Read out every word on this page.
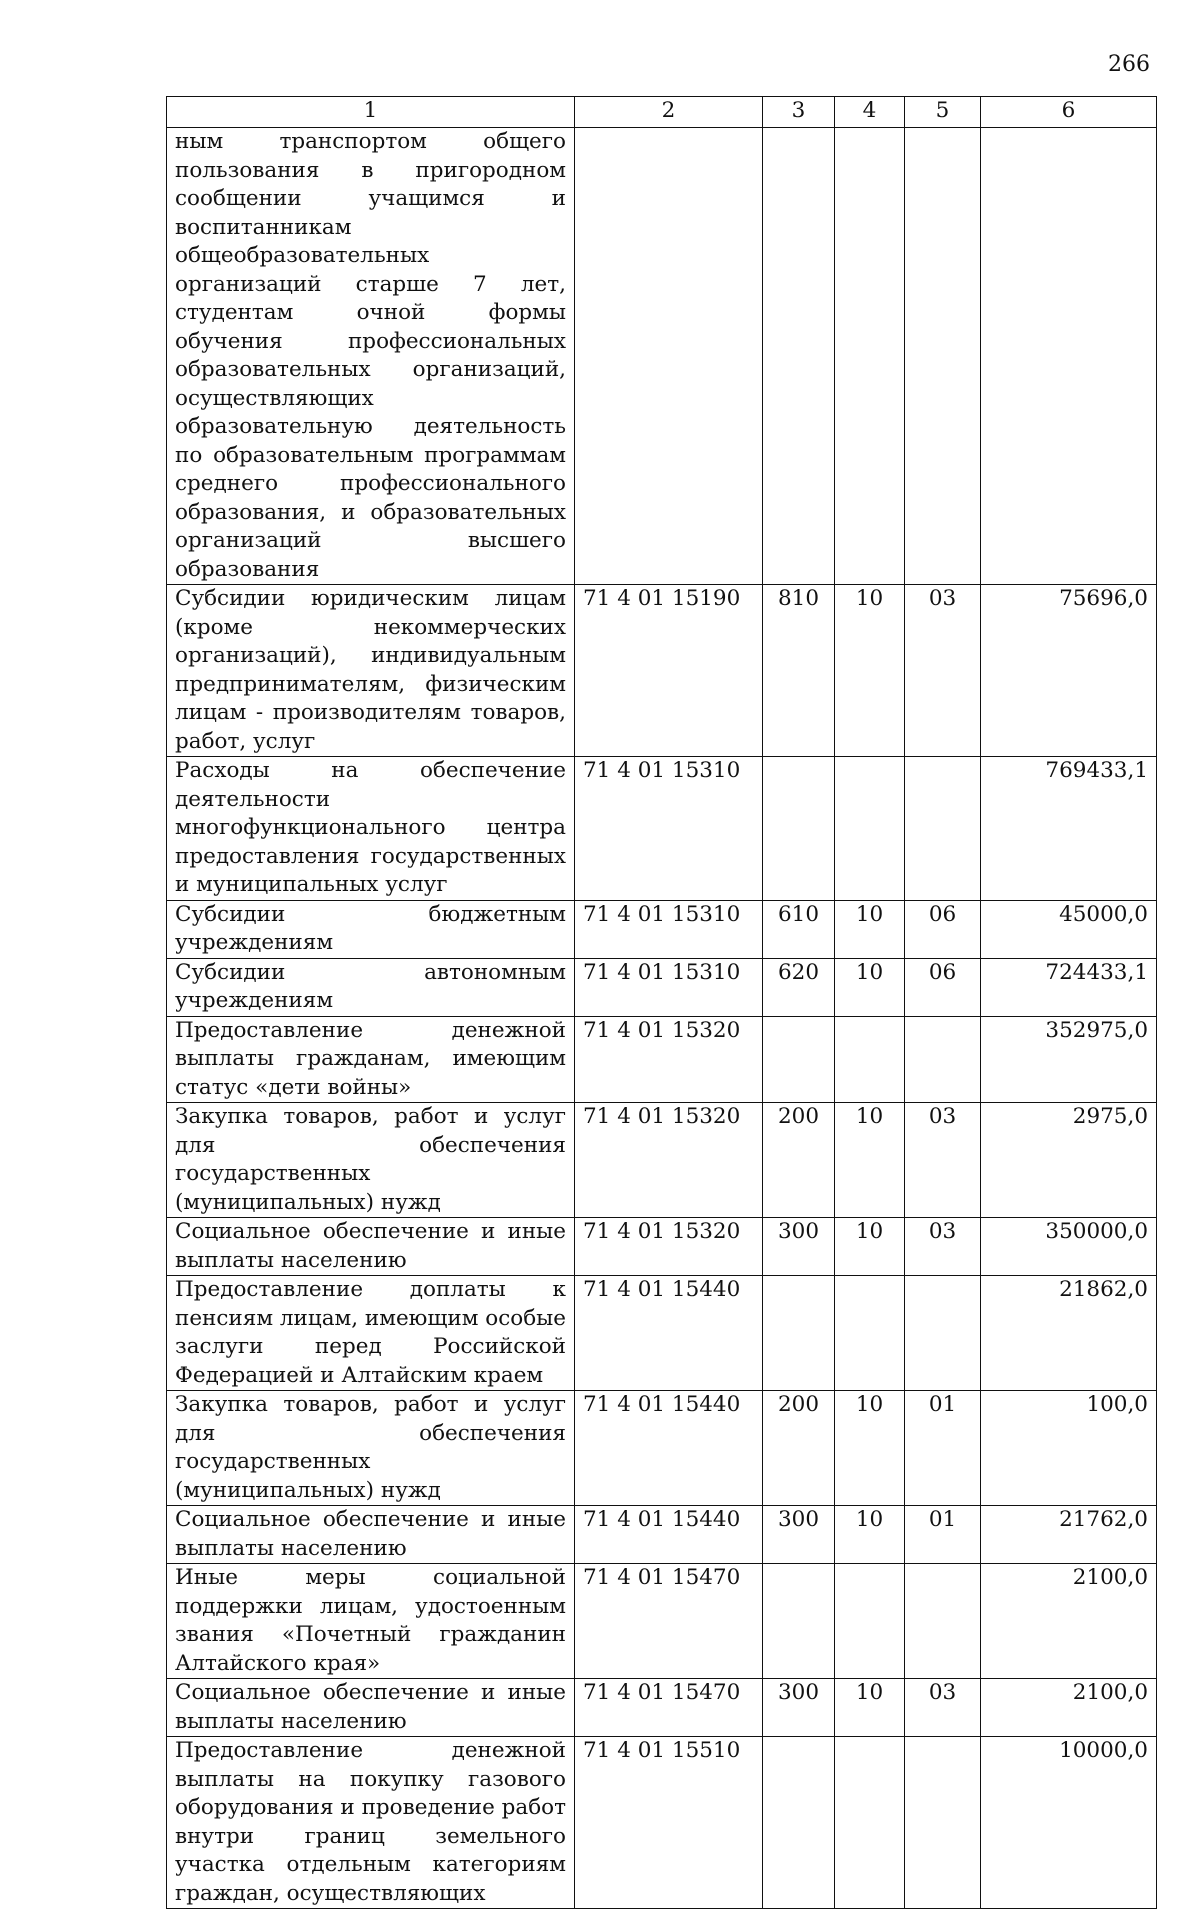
266
1	2	3	4	5	6
ным транспортом общего пользования в пригородном сообщении учащимся и воспитанникам общеобразовательных организаций старше 7 лет, студентам очной формы обучения профессиональных образовательных организаций, осуществляющих образовательную деятельность по образовательным программам среднего профессионального образования, и образовательных организаций высшего образования					
Субсидии юридическим лицам (кроме некоммерческих организаций), индивидуальным предпринимателям, физическим лицам - производителям товаров, работ, услуг	71 4 01 15190	810	10	03	75696,0
Расходы на обеспечение деятельности многофункционального центра предоставления государственных и муниципальных услуг	71 4 01 15310				769433,1
Субсидии бюджетным учреждениям	71 4 01 15310	610	10	06	45000,0
Субсидии автономным учреждениям	71 4 01 15310	620	10	06	724433,1
Предоставление денежной выплаты гражданам, имеющим статус «дети войны»	71 4 01 15320				352975,0
Закупка товаров, работ и услуг для обеспечения государственных (муниципальных) нужд	71 4 01 15320	200	10	03	2975,0
Социальное обеспечение и иные выплаты населению	71 4 01 15320	300	10	03	350000,0
Предоставление доплаты к пенсиям лицам, имеющим особые заслуги перед Российской Федерацией и Алтайским краем	71 4 01 15440				21862,0
Закупка товаров, работ и услуг для обеспечения государственных (муниципальных) нужд	71 4 01 15440	200	10	01	100,0
Социальное обеспечение и иные выплаты населению	71 4 01 15440	300	10	01	21762,0
Иные меры социальной поддержки лицам, удостоенным звания «Почетный гражданин Алтайского края»	71 4 01 15470				2100,0
Социальное обеспечение и иные выплаты населению	71 4 01 15470	300	10	03	2100,0
Предоставление денежной выплаты на покупку газового оборудования и проведение работ внутри границ земельного участка отдельным категориям граждан, осуществляющих	71 4 01 15510				10000,0
